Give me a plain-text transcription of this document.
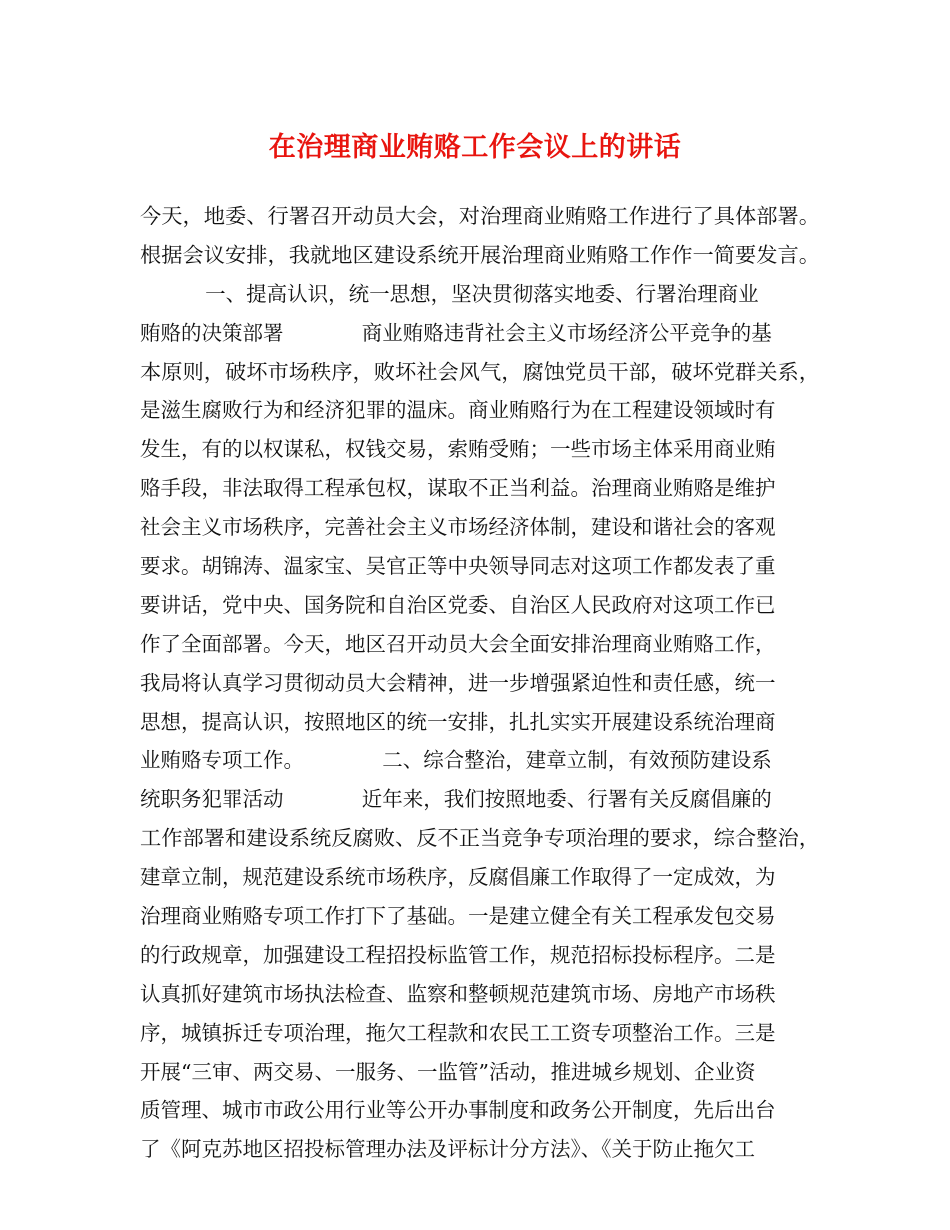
在治理商业贿赂工作会议上的讲话
今天，地委、行署召开动员大会，对治理商业贿赂工作进行了具体部署。
根据会议安排，我就地区建设系统开展治理商业贿赂工作作一简要发言。
一、提高认识，统一思想，坚决贯彻落实地委、行署治理商业
贿赂的决策部署            商业贿赂违背社会主义市场经济公平竞争的基
本原则，破坏市场秩序，败坏社会风气，腐蚀党员干部，破坏党群关系，
是滋生腐败行为和经济犯罪的温床。商业贿赂行为在工程建设领域时有
发生，有的以权谋私，权钱交易，索贿受贿；一些市场主体采用商业贿
赂手段，非法取得工程承包权，谋取不正当利益。治理商业贿赂是维护
社会主义市场秩序，完善社会主义市场经济体制，建设和谐社会的客观
要求。胡锦涛、温家宝、吴官正等中央领导同志对这项工作都发表了重
要讲话，党中央、国务院和自治区党委、自治区人民政府对这项工作已
作了全面部署。今天，地区召开动员大会全面安排治理商业贿赂工作，
我局将认真学习贯彻动员大会精神，进一步增强紧迫性和责任感，统一
思想，提高认识，按照地区的统一安排，扎扎实实开展建设系统治理商
业贿赂专项工作。            二、综合整治，建章立制，有效预防建设系
统职务犯罪活动            近年来，我们按照地委、行署有关反腐倡廉的
工作部署和建设系统反腐败、反不正当竞争专项治理的要求，综合整治，
建章立制，规范建设系统市场秩序，反腐倡廉工作取得了一定成效，为
治理商业贿赂专项工作打下了基础。一是建立健全有关工程承发包交易
的行政规章，加强建设工程招投标监管工作，规范招标投标程序。二是
认真抓好建筑市场执法检查、监察和整顿规范建筑市场、房地产市场秩
序，城镇拆迁专项治理，拖欠工程款和农民工工资专项整治工作。三是
开展“三审、两交易、一服务、一监管”活动，推进城乡规划、企业资
质管理、城市市政公用行业等公开办事制度和政务公开制度，先后出台
了《阿克苏地区招投标管理办法及评标计分方法》、《关于防止拖欠工
